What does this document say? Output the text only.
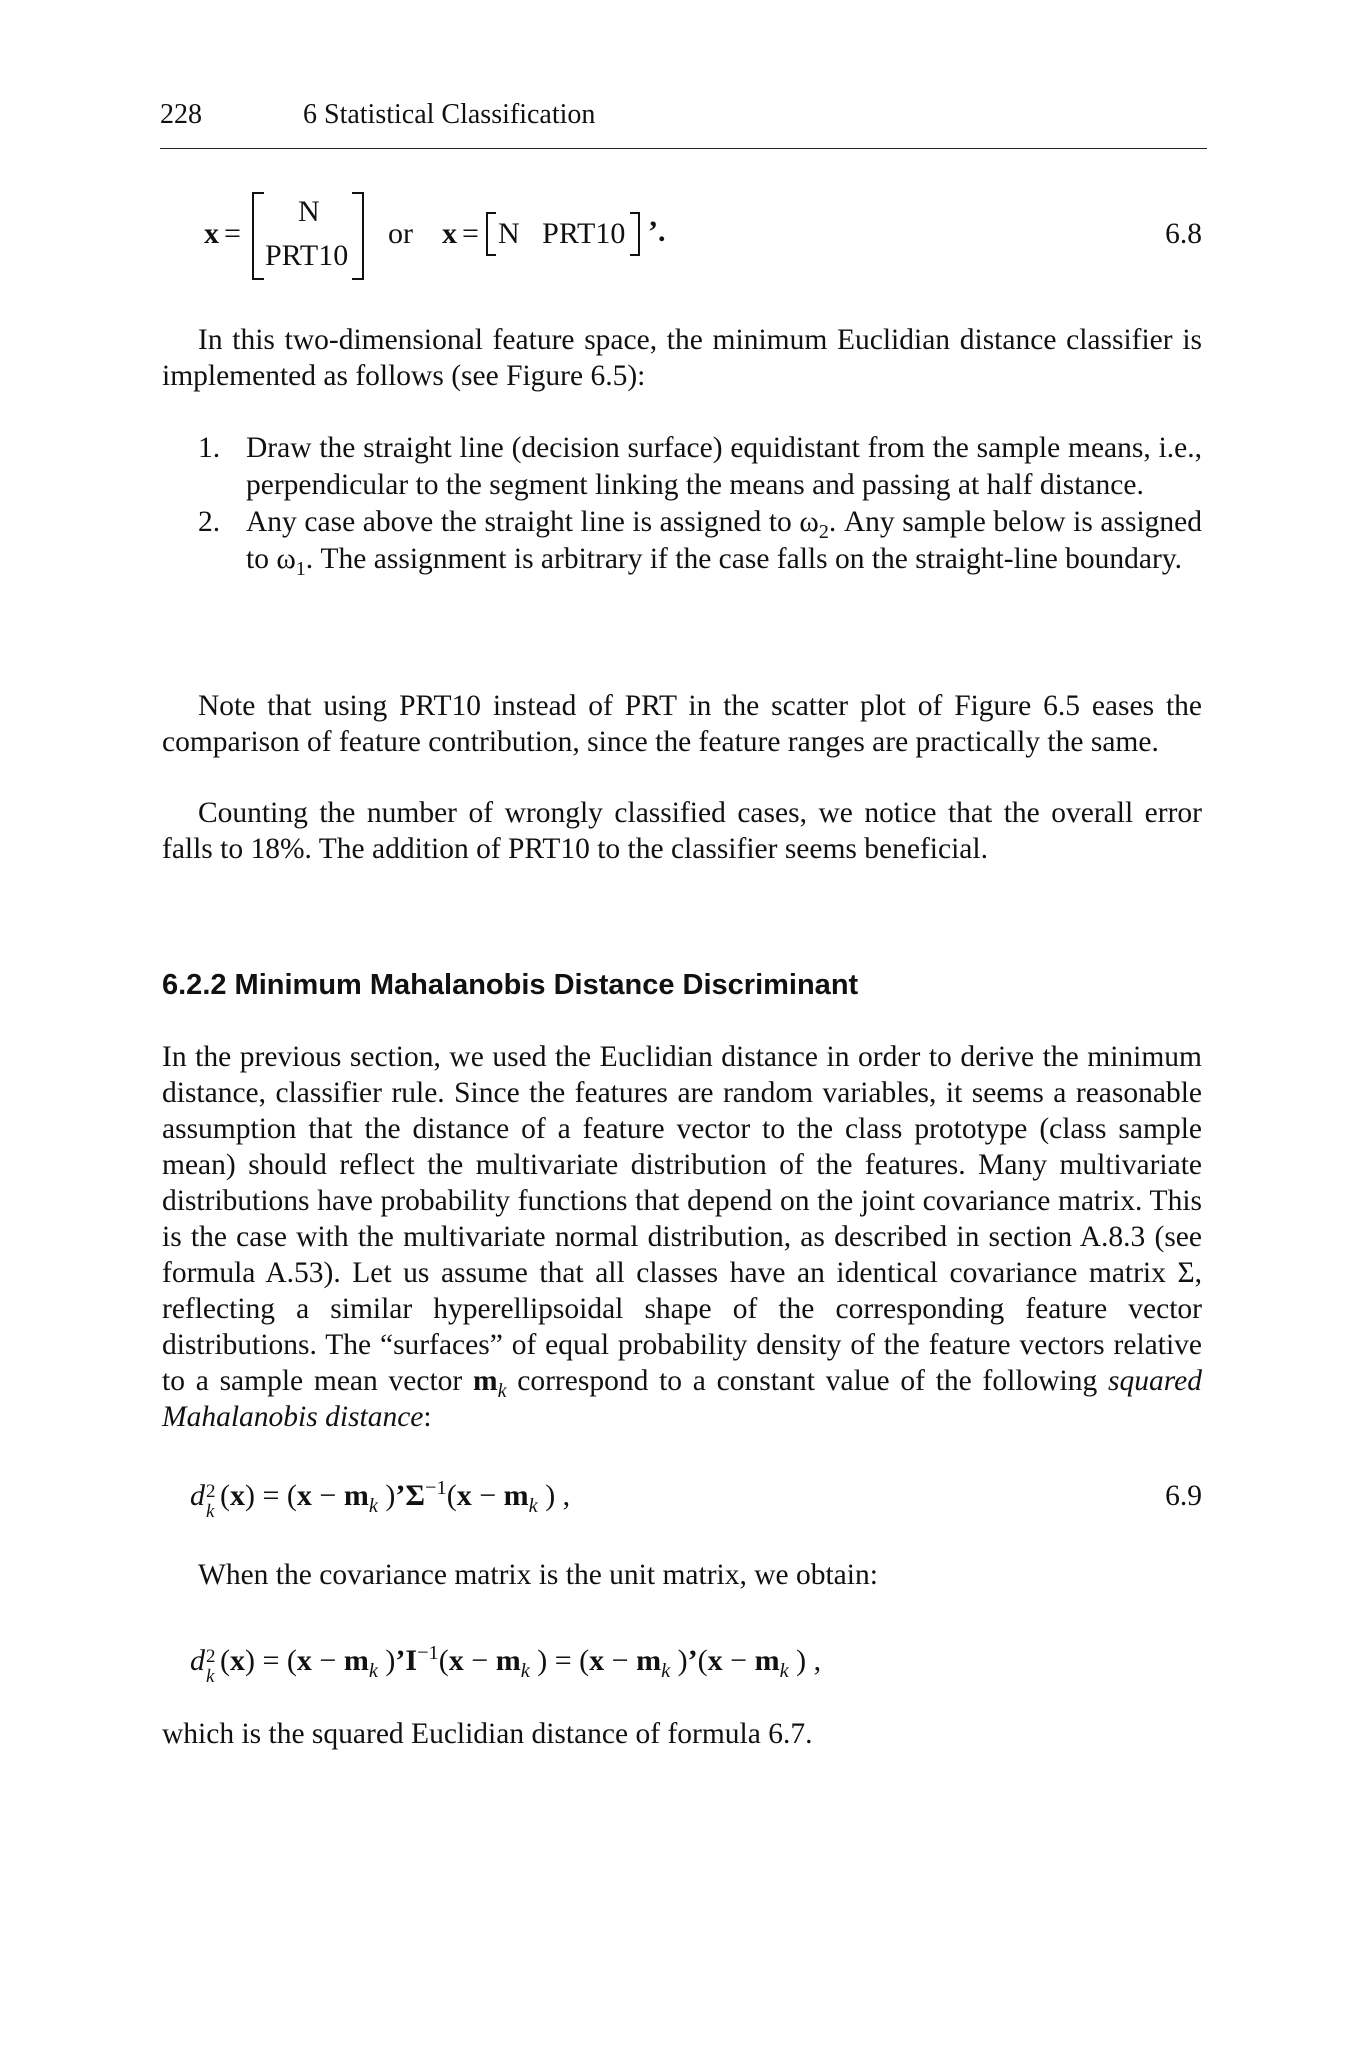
228	6 Statistical Classification
x =
N
PRT10
or x = N   PRT10 ’.	6.8
In this two-dimensional feature space, the minimum Euclidian distance classifier is implemented as follows (see Figure 6.5):
1. Draw the straight line (decision surface) equidistant from the sample means, i.e., perpendicular to the segment linking the means and passing at half distance.
2. Any case above the straight line is assigned to $\omega_2$. Any sample below is assigned to $\omega_1$. The assignment is arbitrary if the case falls on the straight-line boundary.
Note that using PRT10 instead of PRT in the scatter plot of Figure 6.5 eases the comparison of feature contribution, since the feature ranges are practically the same.
Counting the number of wrongly classified cases, we notice that the overall error falls to 18%. The addition of PRT10 to the classifier seems beneficial.
6.2.2 Minimum Mahalanobis Distance Discriminant
In the previous section, we used the Euclidian distance in order to derive the minimum distance, classifier rule. Since the features are random variables, it seems a reasonable assumption that the distance of a feature vector to the class prototype (class sample mean) should reflect the multivariate distribution of the features. Many multivariate distributions have probability functions that depend on the joint covariance matrix. This is the case with the multivariate normal distribution, as described in section A.8.3 (see formula A.53). Let us assume that all classes have an identical covariance matrix Σ, reflecting a similar hyperellipsoidal shape of the corresponding feature vector distributions. The “surfaces” of equal probability density of the feature vectors relative to a sample mean vector $m_k$ correspond to a constant value of the following squared Mahalanobis distance:
d 2
k $(x) = (x - m_k$ )$’\Sigma^{-1}(x - m_k$ ) ,	6.9
When the covariance matrix is the unit matrix, we obtain:
d 2
k $(x) = (x - m_k$ )$’I^{-1}(x - m_k$ ) = ($x - m_k$ )’(x − $m_k$ ) ,
which is the squared Euclidian distance of formula 6.7.
